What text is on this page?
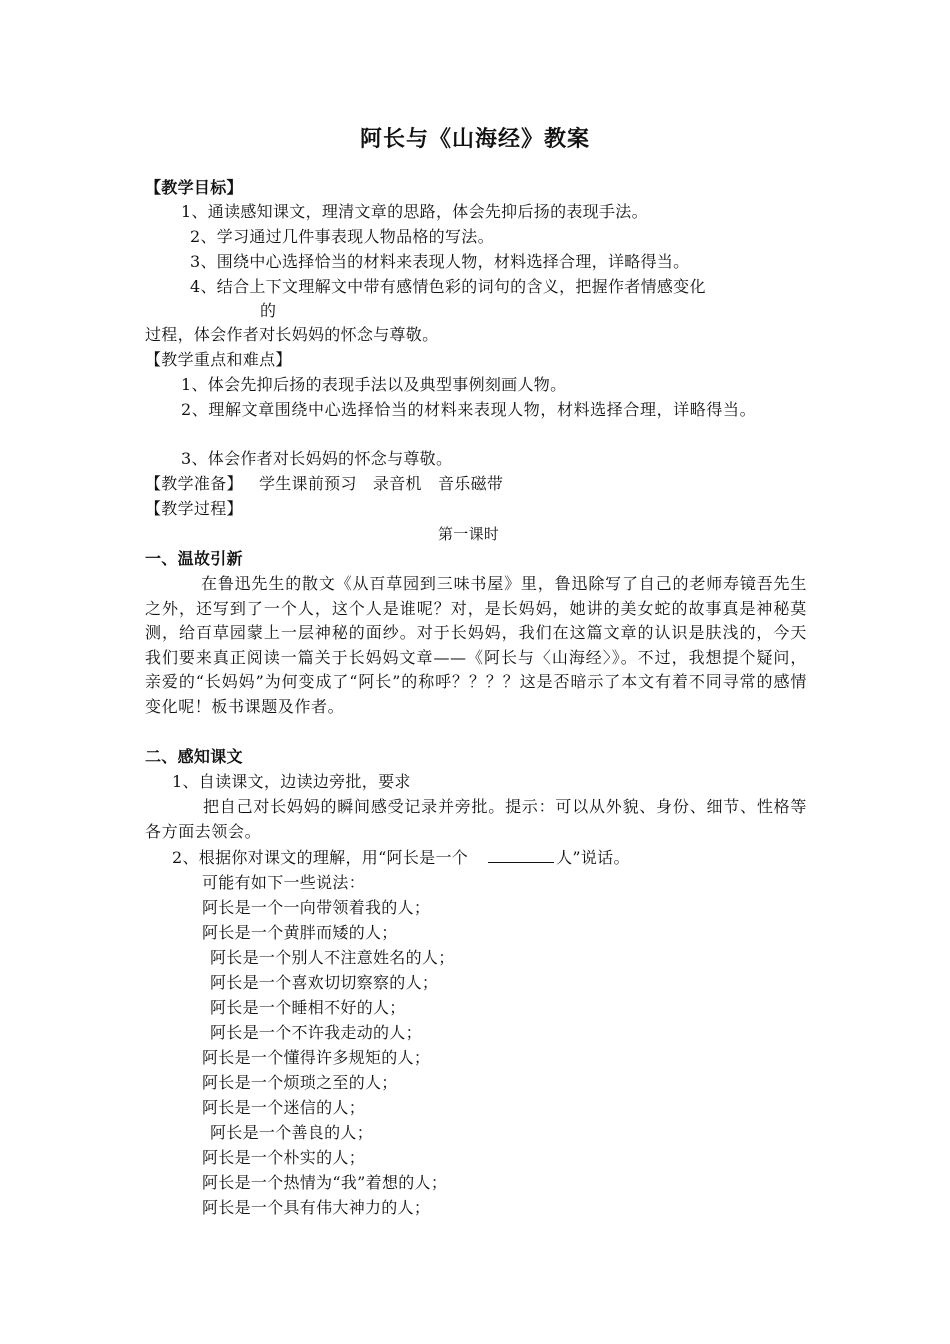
阿长与《山海经》教案
【教学目标】
1、通读感知课文，理清文章的思路，体会先抑后扬的表现手法。
2、学习通过几件事表现人物品格的写法。
3、围绕中心选择恰当的材料来表现人物，材料选择合理，详略得当。
4、结合上下文理解文中带有感情色彩的词句的含义，把握作者情感变化
的
过程，体会作者对长妈妈的怀念与尊敬。
【教学重点和难点】
1、体会先抑后扬的表现手法以及典型事例刻画人物。
2、理解文章围绕中心选择恰当的材料来表现人物，材料选择合理，详略得当。
3、体会作者对长妈妈的怀念与尊敬。
【教学准备】   学生课前预习   录音机   音乐磁带
【教学过程】
第一课时
一、温故引新
在鲁迅先生的散文《从百草园到三味书屋》里，鲁迅除写了自己的老师寿镜吾先生之外，还写到了一个人，这个人是谁呢？对，是长妈妈，她讲的美女蛇的故事真是神秘莫测，给百草园蒙上一层神秘的面纱。对于长妈妈，我们在这篇文章的认识是肤浅的，今天我们要来真正阅读一篇关于长妈妈文章——《阿长与〈山海经〉》。不过，我想提个疑问，亲爱的“长妈妈”为何变成了“阿长”的称呼？？？？这是否暗示了本文有着不同寻常的感情变化呢！板书课题及作者。
二、感知课文
1、自读课文，边读边旁批，要求
把自己对长妈妈的瞬间感受记录并旁批。提示：可以从外貌、身份、细节、性格等各方面去领会。
2、根据你对课文的理解，用“阿长是一个	人”说话。
可能有如下一些说法：
阿长是一个一向带领着我的人；
阿长是一个黄胖而矮的人；
阿长是一个别人不注意姓名的人；
阿长是一个喜欢切切察察的人；
阿长是一个睡相不好的人；
阿长是一个不许我走动的人；
阿长是一个懂得许多规矩的人；
阿长是一个烦琐之至的人；
阿长是一个迷信的人；
阿长是一个善良的人；
阿长是一个朴实的人；
阿长是一个热情为“我”着想的人；
阿长是一个具有伟大神力的人；
